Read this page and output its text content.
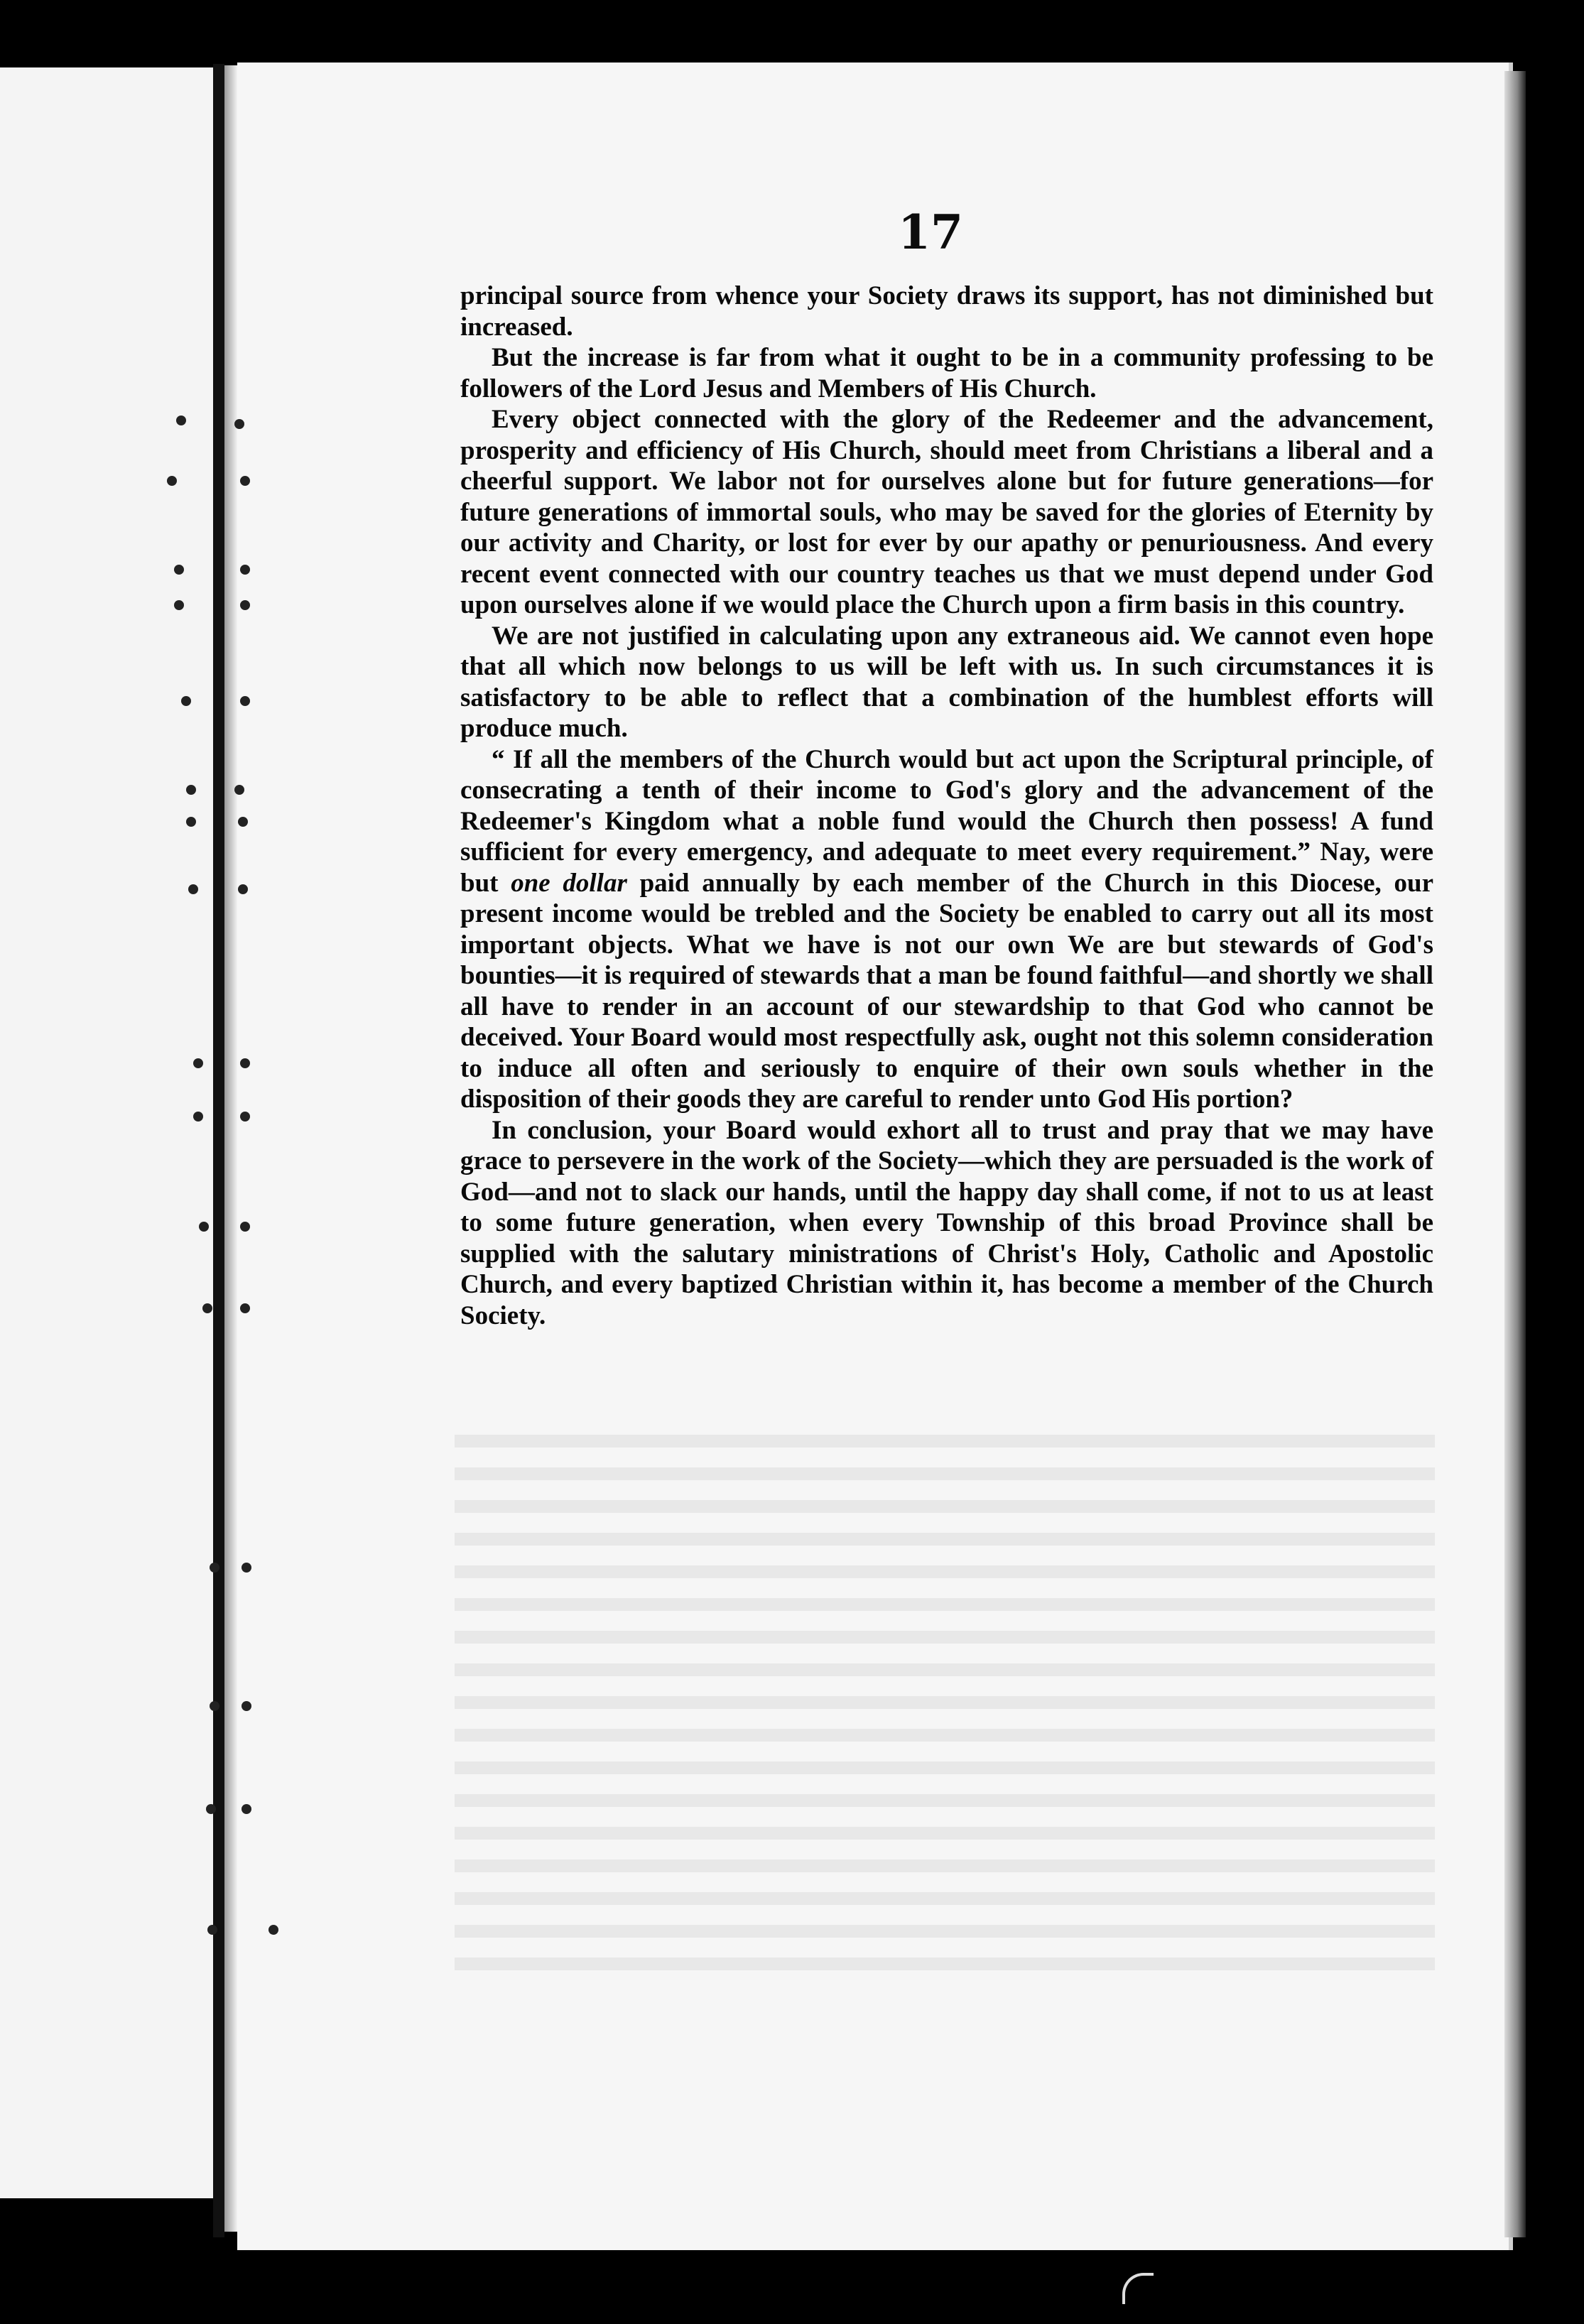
17

principal source from whence your Society draws its support, has not diminished but increased.

But the increase is far from what it ought to be in a community professing to be followers of the Lord Jesus and Members of His Church.

Every object connected with the glory of the Redeemer and the advancement, prosperity and efficiency of His Church, should meet from Christians a liberal and a cheerful support. We labor not for ourselves alone but for future generations—for future generations of immortal souls, who may be saved for the glories of Eternity by our activity and Charity, or lost for ever by our apathy or penuriousness. And every recent event connected with our country teaches us that we must depend under God upon ourselves alone if we would place the Church upon a firm basis in this country.

We are not justified in calculating upon any extraneous aid. We cannot even hope that all which now belongs to us will be left with us. In such circumstances it is satisfactory to be able to reflect that a combination of the humblest efforts will produce much.

“ If all the members of the Church would but act upon the Scriptural principle, of consecrating a tenth of their income to God's glory and the advancement of the Redeemer's Kingdom what a noble fund would the Church then possess! A fund sufficient for every emergency, and adequate to meet every requirement.” Nay, were but one dollar paid annually by each member of the Church in this Diocese, our present income would be trebled and the Society be enabled to carry out all its most important objects. What we have is not our own We are but stewards of God's bounties—it is required of stewards that a man be found faithful—and shortly we shall all have to render in an account of our stewardship to that God who cannot be deceived. Your Board would most respectfully ask, ought not this solemn consideration to induce all often and seriously to enquire of their own souls whether in the disposition of their goods they are careful to render unto God His portion?

In conclusion, your Board would exhort all to trust and pray that we may have grace to persevere in the work of the Society—which they are persuaded is the work of God—and not to slack our hands, until the happy day shall come, if not to us at least to some future generation, when every Township of this broad Province shall be supplied with the salutary ministrations of Christ's Holy, Catholic and Apostolic Church, and every baptized Christian within it, has become a member of the Church Society.
